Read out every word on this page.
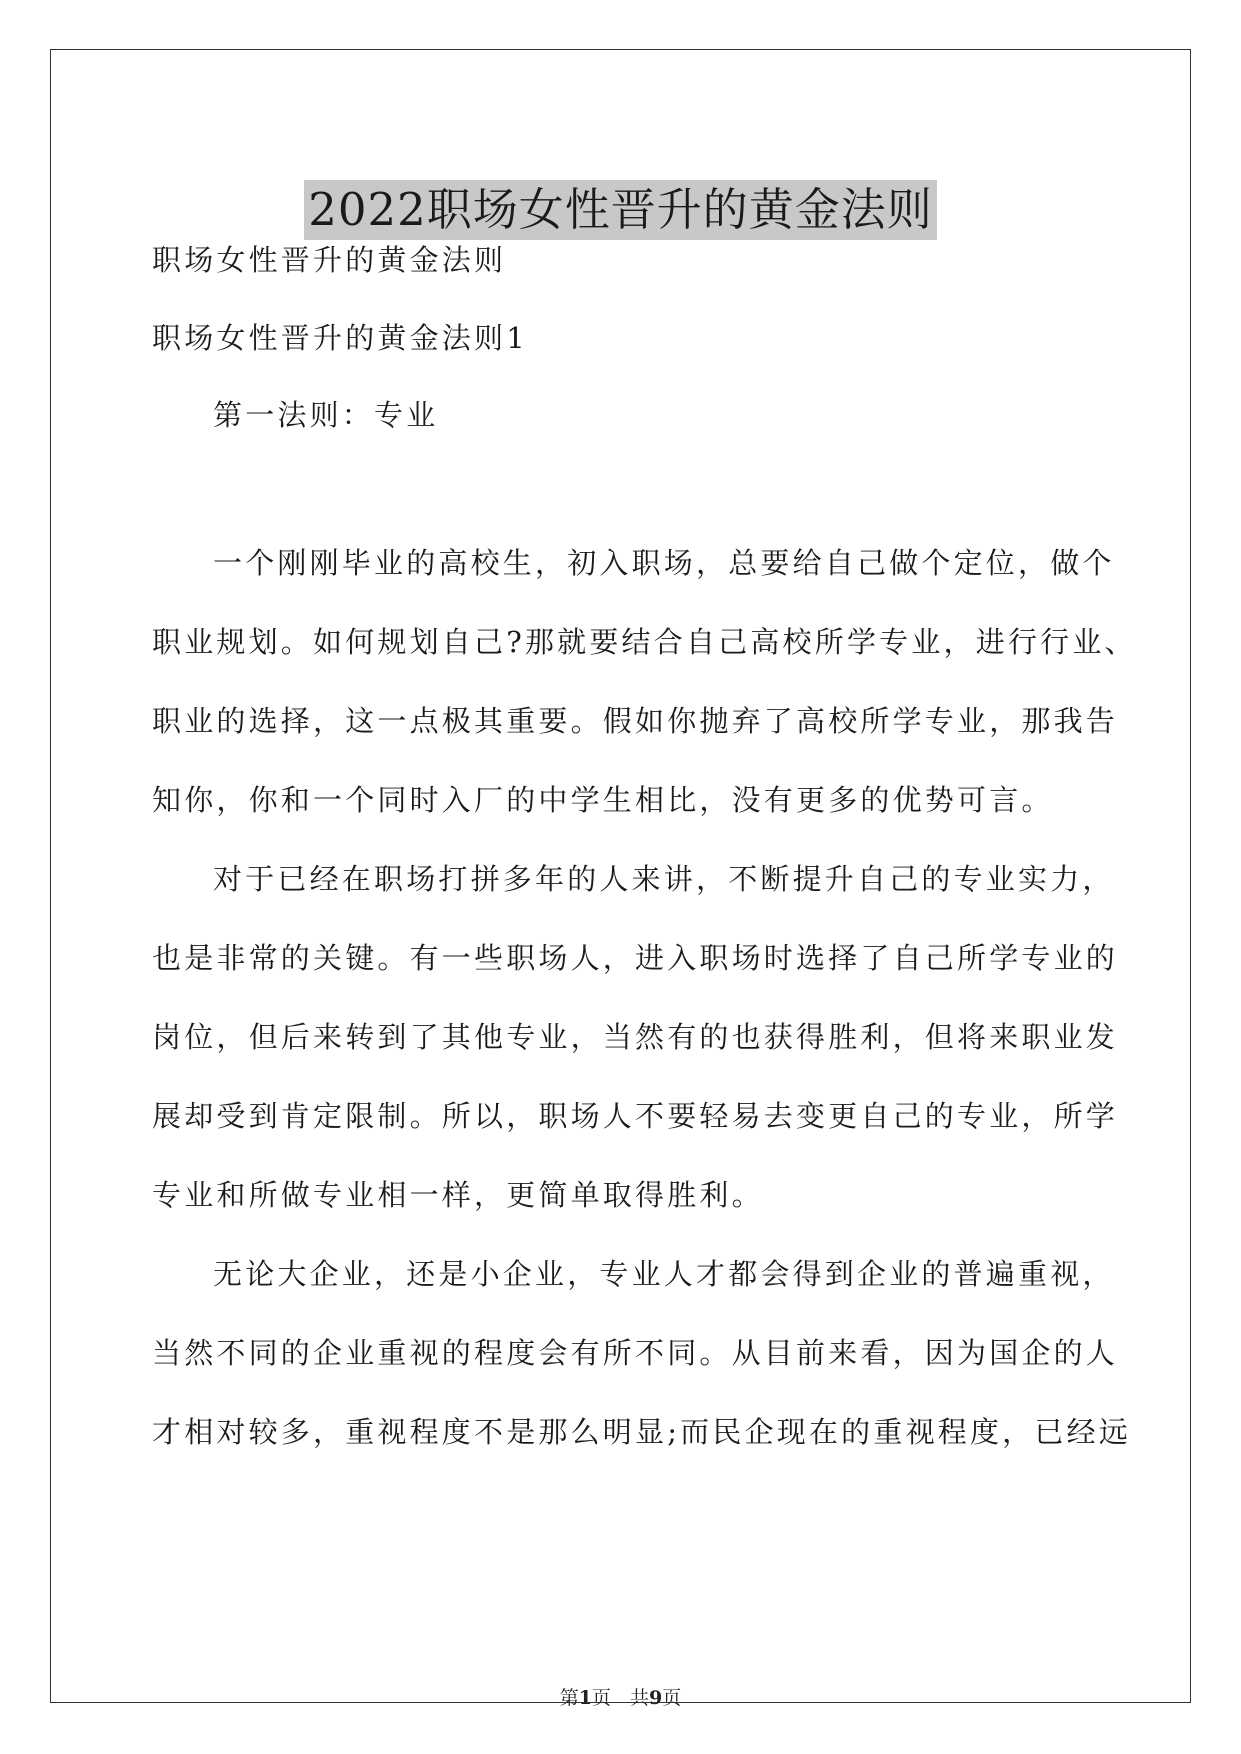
2022职场女性晋升的黄金法则
职场女性晋升的黄金法则
职场女性晋升的黄金法则1
第一法则：专业
一个刚刚毕业的高校生，初入职场，总要给自己做个定位，做个
职业规划。如何规划自己?那就要结合自己高校所学专业，进行行业、
职业的选择，这一点极其重要。假如你抛弃了高校所学专业，那我告
知你，你和一个同时入厂的中学生相比，没有更多的优势可言。
对于已经在职场打拼多年的人来讲，不断提升自己的专业实力，
也是非常的关键。有一些职场人，进入职场时选择了自己所学专业的
岗位，但后来转到了其他专业，当然有的也获得胜利，但将来职业发
展却受到肯定限制。所以，职场人不要轻易去变更自己的专业，所学
专业和所做专业相一样，更简单取得胜利。
无论大企业，还是小企业，专业人才都会得到企业的普遍重视，
当然不同的企业重视的程度会有所不同。从目前来看，因为国企的人
才相对较多，重视程度不是那么明显;而民企现在的重视程度，已经远
第1页　共9页
